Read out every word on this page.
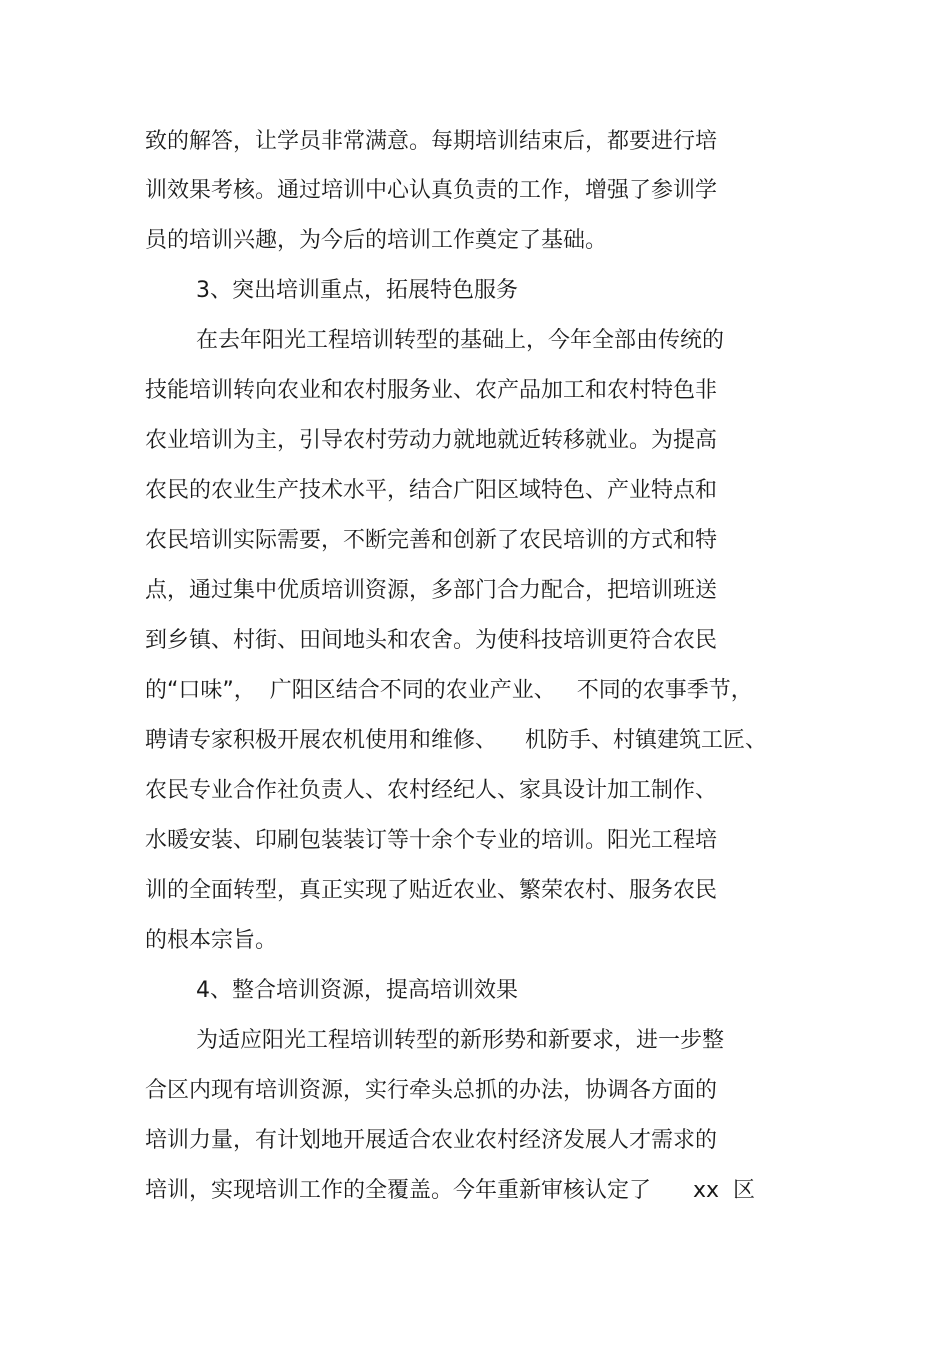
致的解答，让学员非常满意。每期培训结束后，都要进行培

训效果考核。通过培训中心认真负责的工作，增强了参训学

员的培训兴趣，为今后的培训工作奠定了基础。

3、突出培训重点，拓展特色服务

在去年阳光工程培训转型的基础上，今年全部由传统的

技能培训转向农业和农村服务业、农产品加工和农村特色非

农业培训为主，引导农村劳动力就地就近转移就业。为提高

农民的农业生产技术水平，结合广阳区域特色、产业特点和

农民培训实际需要，不断完善和创新了农民培训的方式和特

点，通过集中优质培训资源，多部门合力配合，把培训班送

到乡镇、村街、田间地头和农舍。为使科技培训更符合农民

的“口味”，  广阳区结合不同的农业产业、   不同的农事季节，

聘请专家积极开展农机使用和维修、    机防手、村镇建筑工匠、

农民专业合作社负责人、农村经纪人、家具设计加工制作、

水暖安装、印刷包装装订等十余个专业的培训。阳光工程培

训的全面转型，真正实现了贴近农业、繁荣农村、服务农民

的根本宗旨。

4、整合培训资源，提高培训效果

为适应阳光工程培训转型的新形势和新要求，进一步整

合区内现有培训资源，实行牵头总抓的办法，协调各方面的

培训力量，有计划地开展适合农业农村经济发展人才需求的

培训，实现培训工作的全覆盖。今年重新审核认定了      xx  区
